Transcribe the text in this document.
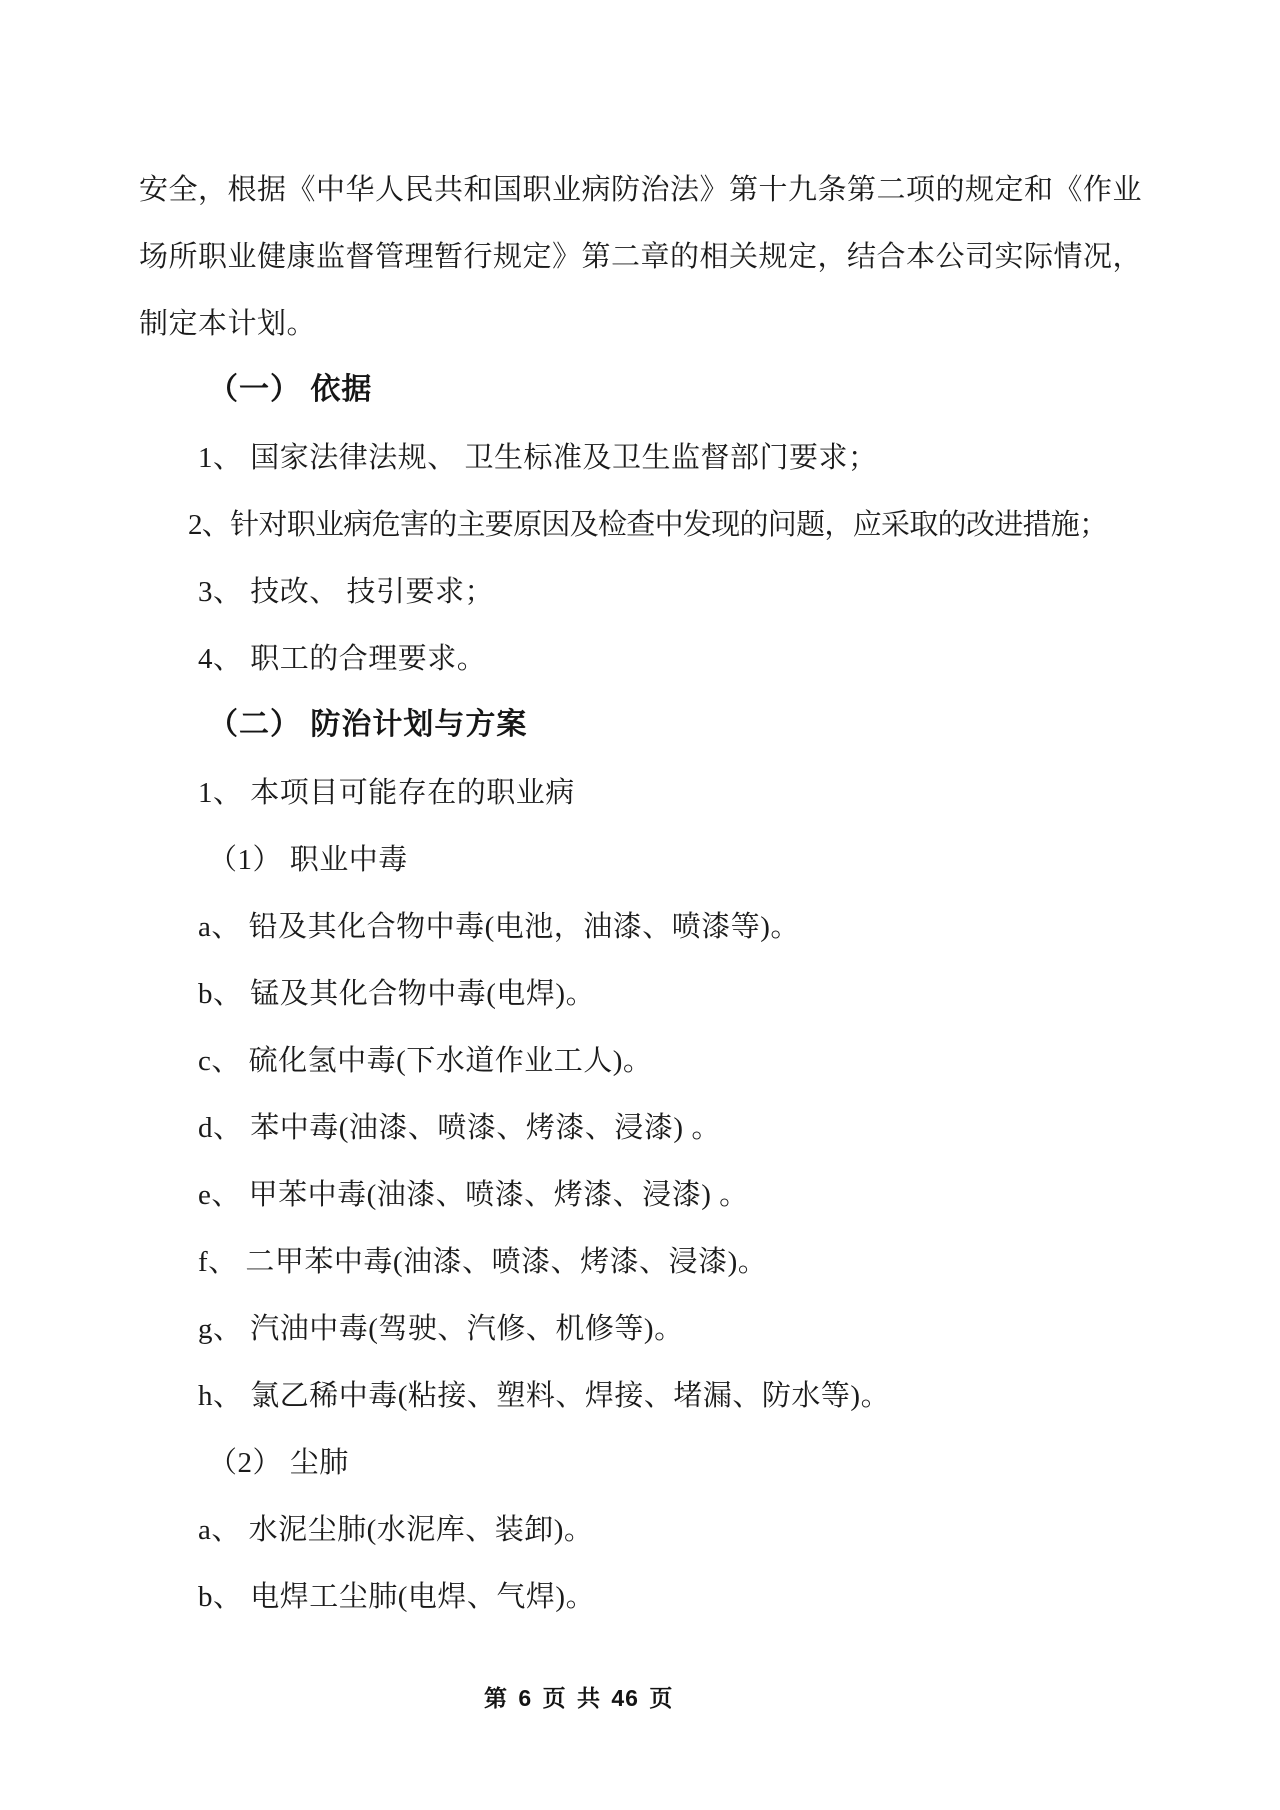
安全，根据《中华人民共和国职业病防治法》第十九条第二项的规定和《作业
场所职业健康监督管理暂行规定》第二章的相关规定，结合本公司实际情况，
制定本计划。
（一） 依据
1、 国家法律法规、 卫生标准及卫生监督部门要求；
2、针对职业病危害的主要原因及检查中发现的问题，应采取的改进措施；
3、 技改、 技引要求；
4、 职工的合理要求。
（二） 防治计划与方案
1、 本项目可能存在的职业病
（1） 职业中毒
a、 铅及其化合物中毒(电池，油漆、喷漆等)。
b、 锰及其化合物中毒(电焊)。
c、 硫化氢中毒(下水道作业工人)。
d、 苯中毒(油漆、喷漆、烤漆、浸漆) 。
e、 甲苯中毒(油漆、喷漆、烤漆、浸漆) 。
f、 二甲苯中毒(油漆、喷漆、烤漆、浸漆)。
g、 汽油中毒(驾驶、汽修、机修等)。
h、 氯乙稀中毒(粘接、塑料、焊接、堵漏、防水等)。
（2） 尘肺
a、 水泥尘肺(水泥库、装卸)。
b、 电焊工尘肺(电焊、气焊)。
第 6 页 共 46 页
